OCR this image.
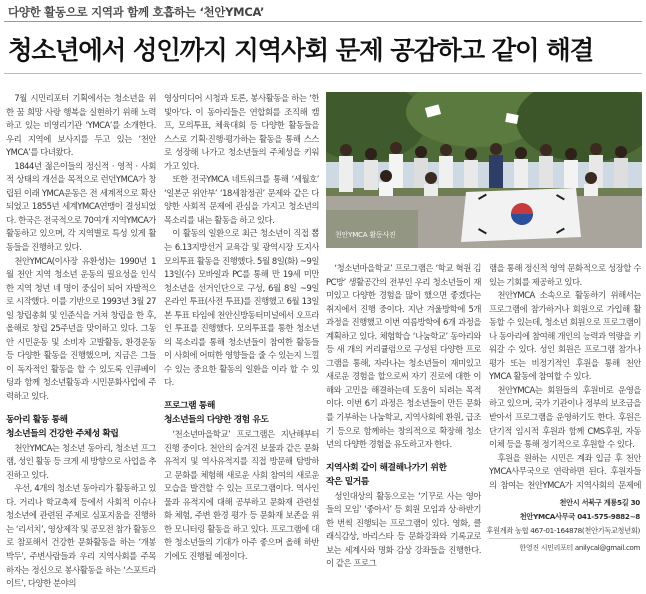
다양한 활동으로 지역과 함께 호흡하는 ‘천안YMCA’
청소년에서 성인까지 지역사회 문제 공감하고 같이 해결

7월 시민리포터 기획에서는 청소년을 위한 꿈 희망 사랑 행복을 실현하기 위해 노력하고 있는 비영리기관 ‘YMCA’를 소개한다. 우리 지역에 보사지를 두고 있는 ‘천안YMCA’를 다녀왔다.

1844년 젊은이들의 정신적 · 영적 · 사회적 상태의 개선을 목적으로 런던YMCA가 창립된 이래 YMCA운동은 전 세계적으로 확산되었고 1855년 세계YMCA연맹이 결성되었다. 한국은 전국적으로 70여개 지역YMCA가 활동하고 있으며, 각 지역별로 특성 있게 활동들을 진행하고 있다.

천안YMCA(이사장 유환성)는 1990년 1월 천안 지역 청소년 운동의 필요성을 인식한 지역 청년 네 명이 중심이 되어 자발적으로 시작했다. 이를 기반으로 1993년 3월 27일 창립총회 및 인준식을 거쳐 창립을 한 후, 올해로 창립 25주년을 맞이하고 있다. 그동안 시민운동 및 소비자 고발활동, 환경운동 등 다양한 활동을 진행했으며, 지금은 그들이 독자적인 활동을 할 수 있도록 인큐베이팅과 함께 청소년활동과 시민문화사업에 주력하고 있다.

동아리 활동 통해
청소년들의 건강한 주체성 확립

천안YMCA는 청소년 동아리, 청소년 프그램, 성인 활동 등 크게 세 방향으로 사업을 추진하고 있다.

우선, 4개의 청소년 동아리가 활동하고 있다. 거리나 학교축제 등에서 사회적 이슈나 청소년에 관련된 주제로 심포지움을 진행하는 ‘리서치’, 영상제작 및 공모전 참가 활동으로 참포해서 건강한 문화활동을 하는 ‘개봉박두’, 주변사람들과 우리 지역사회를 주목하자는 정신으로 봉사활동을 하는 ‘스포트라이트’, 다양한 분야의

영상미디어 시청과 토론, 봉사활동을 하는 ‘한빛아’다. 이 동아리들은 연합회를 조직해 캠프, 모의투표, 체육대회 등 다양한 활동들을 스스로 기획·진행·평가하는 활동을 통해 스스로 성장해 나가고 청소년들의 주체성을 키워가고 있다.

또한 전국YMCA 네트워크를 통해 ‘세월호’ ‘일본군 위안부’ ‘18세참정권’ 문제와 같은 다양한 사회적 문제에 관심을 가지고 청소년의 목소리를 내는 활동을 하고 있다.

이 활동의 일환으로 최근 청소년이 직접 뽑는 6.13지방선거 교육감 및 광역시장 도지사 모의투표 활동을 진행했다. 5월 8일(화) ~9일 13일(수) 모바일과 PC를 통해 만 19세 미만 청소년을 선거인단으로 구성, 6월 8일 ~9일 온라인 투표(사전 투표)를 진행했고 6월 13일 본 투표 타임에 천안신방동터미널에서 오프라인 투표를 진행했다. 모의투표를 통한 청소년의 목소리를 통해 청소년들이 참여한 활동들이 사회에 어떠한 영향들을 줄 수 있는지 느낄 수 있는 중요한 활동의 일환을 이라 할 수 있다.

프로그램 통해
청소년들의 다양한 경험 유도

‘천소년마을학교’ 프로그램은 지난해부터 진행 중이다. 천안의 숨겨진 보물과 같은 문화유적지 및 역사유적지를 직접 방문해 탐방하고 문화를 체험해 새로운 사회 참여의 새로운 모습을 발견할 수 있는 프로그램이다. 역사인물과 유적지에 대해 공부하고 문화재 관련설화 체험, 주변 환경 평가 등 문화재 보존을 위한 모니터링 활동을 하고 있다. 프로그램에 대한 청소년들의 기대가 아주 좋으며 올해 하반기에도 진행될 예정이다.

천안YMCA 활동사진

‘청소년마을학교’ 프로그램은 ‘학교 혁원 김 PC방’ 생활공간의 전부인 우리 청소년들이 재미있고 다양한 경험을 많이 했으면 좋겠다는 취지에서 진행 중이다. 지난 겨울방학에 5개 과정을 진행했고 이번 여름방학에 6개 과정을 계획하고 있다. 체험학습 ‘나눔학교’ 동아리와 등 새 개의 커리큘럼으로 구성된 다양한 프로그램을 통해, 자라나는 청소년들이 재미있고 새로운 경험을 할으로써 자기 진로에 대한 이해와 고민을 해결하는데 도움이 되려는 목적이다. 이번 6기 과정은 청소년들이 만든 문화를 기부하는 나눔학교, 지역사회에 환원, 급조기 등으로 함께하는 창의적으로 확장해 청소년의 다양한 경험을 유도하고자 한다.

지역사회 같이 해결해나가기 위한
작은 밑거름

성인대상의 활동으로는 ‘기꾸로 사는 영아들의 모임’ ‘좋아서’ 등 회원 모임과 상·하반기 한 번씩 진행되는 프로그램이 있다. 영화, 클래식감상, 바리스타 등 문화강좌와 기록교로 보는 세계사와 명화 감상 강좌들을 진행한다. 이 같은 프로그

램을 통해 정신적 영역 문화적으로 성장할 수 있는 기회를 제공하고 있다.

천안YMCA 소속으로 활동하기 위해서는 프로그램에 참가하거나 회원으로 가입해 활동할 수 있는데, 청소년 회원으로 프로그램이나 동아리에 참여해 개인의 능력과 역량을 키워갈 수 있다. 성인 회원은 프로그램 참가나 평가 또는 비정기적인 후원을 통해 천안YMCA 활동에 참여할 수 있다.

천안YMCA는 회원들의 후원비로 운영을 하고 있으며, 국가 기관이나 정부의 보조금을 받아서 프로그램을 운영하기도 한다. 후원은 단기적 임시적 후원과 함께 CMS후원, 자동이체 등을 통해 정기적으로 후원할 수 있다.

후원을 원하는 시민은 계좌 입금 후 천안YMCA사무국으로 연락하면 된다. 후원자들의 참여는 천안YMCA가 지역사회의 문제에

천안시 서북구 계룡5길 30
천안YMCA사무국 041-575-9882~8
후원계좌 농협 467-01-164878(천안기독교청년회)
한영진 시민리포터 anilycal@gmail.com
